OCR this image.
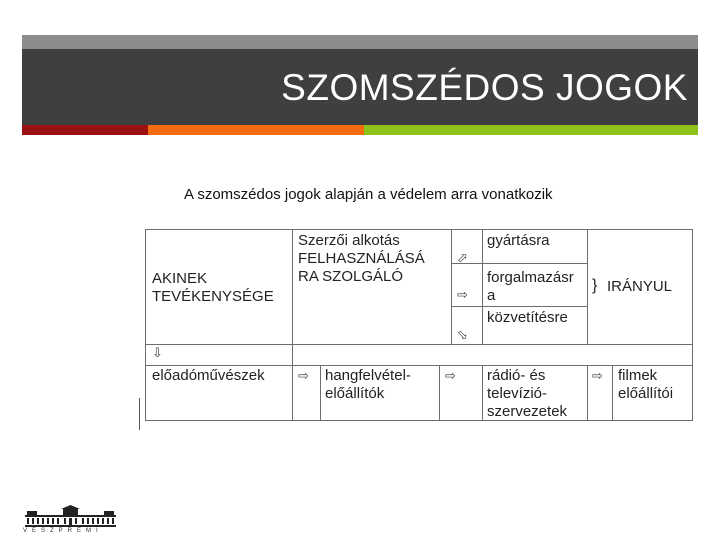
SZOMSZÉDOS JOGOK
A szomszédos jogok alapján a védelem arra vonatkozik
AKINEK
TEVÉKENYSÉGE
Szerzői alkotás
FELHASZNÁLÁSÁ
RA SZOLGÁLÓ
⬀
⇨
⬂
gyártásra
forgalmazásr
a
közvetítésre
} IRÁNYUL
⇩
előadóművészek	⇨ hangfelvétel-
előállítók
⇨ rádió- és
televízió-
szervezetek
⇨ filmek
előállítói
VESZPRÉMI
